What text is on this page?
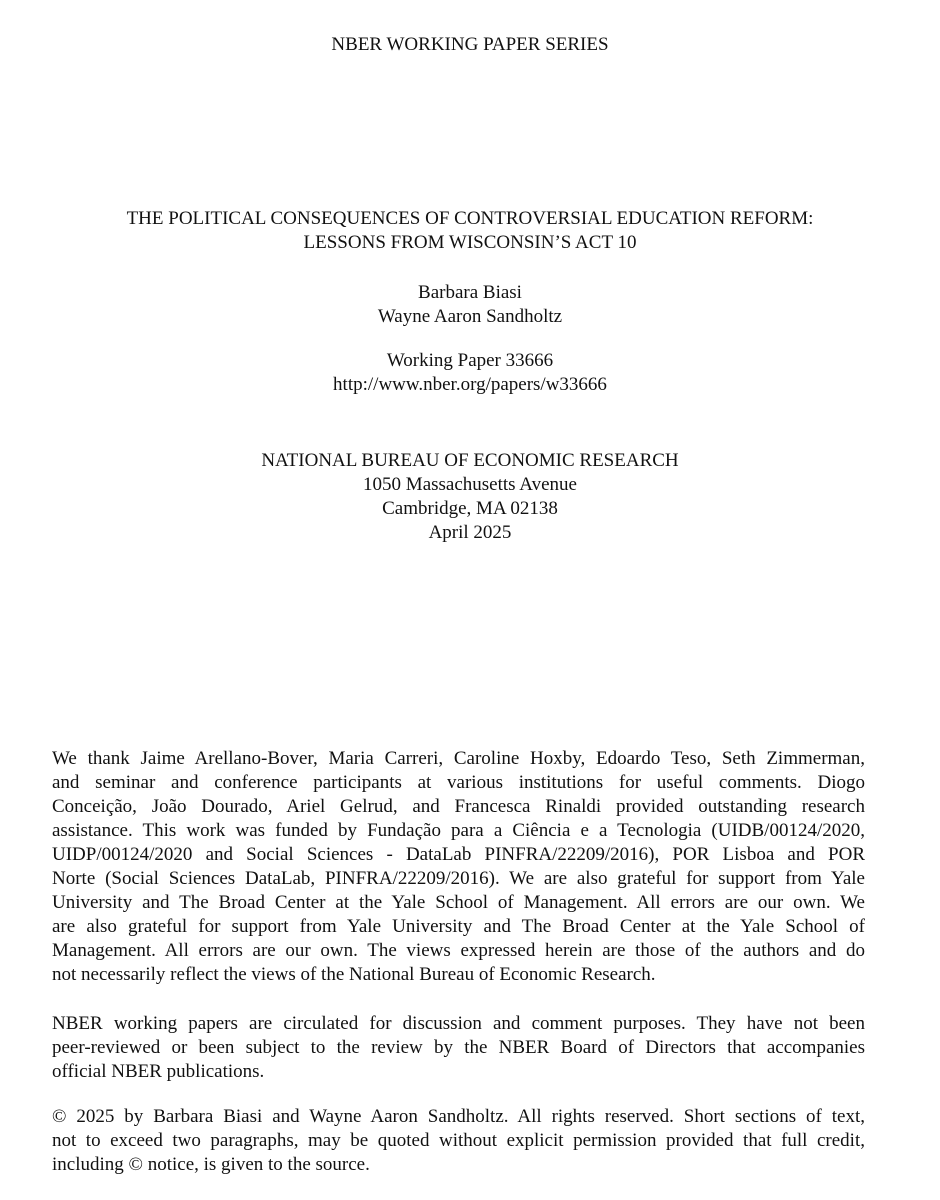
NBER WORKING PAPER SERIES
THE POLITICAL CONSEQUENCES OF CONTROVERSIAL EDUCATION REFORM:
LESSONS FROM WISCONSIN’S ACT 10
Barbara Biasi
Wayne Aaron Sandholtz
Working Paper 33666
http://www.nber.org/papers/w33666
NATIONAL BUREAU OF ECONOMIC RESEARCH
1050 Massachusetts Avenue
Cambridge, MA 02138
April 2025
We thank Jaime Arellano-Bover, Maria Carreri, Caroline Hoxby, Edoardo Teso, Seth Zimmerman,
and seminar and conference participants at various institutions for useful comments. Diogo
Conceição, João Dourado, Ariel Gelrud, and Francesca Rinaldi provided outstanding research
assistance. This work was funded by Fundação para a Ciência e a Tecnologia (UIDB/00124/2020,
UIDP/00124/2020 and Social Sciences - DataLab PINFRA/22209/2016), POR Lisboa and POR
Norte (Social Sciences DataLab, PINFRA/22209/2016). We are also grateful for support from Yale
University and The Broad Center at the Yale School of Management. All errors are our own. We
are also grateful for support from Yale University and The Broad Center at the Yale School of
Management. All errors are our own. The views expressed herein are those of the authors and do
not necessarily reflect the views of the National Bureau of Economic Research.
NBER working papers are circulated for discussion and comment purposes. They have not been
peer-reviewed or been subject to the review by the NBER Board of Directors that accompanies
official NBER publications.
© 2025 by Barbara Biasi and Wayne Aaron Sandholtz. All rights reserved. Short sections of text,
not to exceed two paragraphs, may be quoted without explicit permission provided that full credit,
including © notice, is given to the source.
